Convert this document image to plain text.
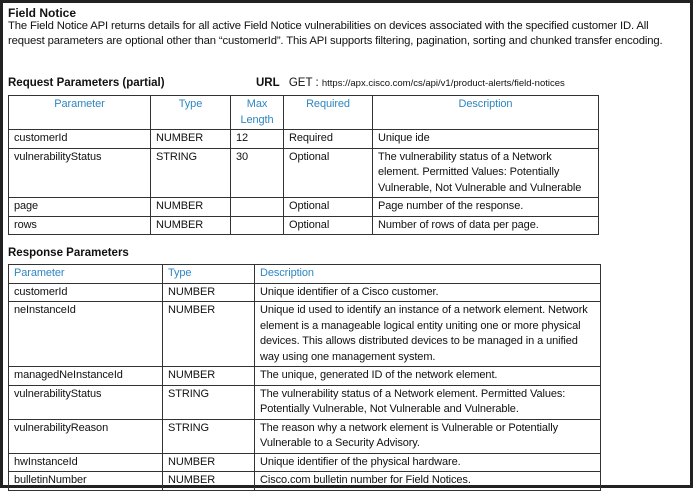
Field Notice
The Field Notice API returns details for all active Field Notice vulnerabilities on devices associated with the specified customer ID. All request parameters are optional other than “customerId”. This API supports filtering, pagination, sorting and chunked transfer encoding.
Request Parameters (partial)	URL GET : https://apx.cisco.com/cs/api/v1/product-alerts/field-notices
Parameter	Type	Max Length	Required	Description
customerId	NUMBER	12	Required	Unique ide
vulnerabilityStatus	STRING	30	Optional	The vulnerability status of a Network element. Permitted Values: Potentially Vulnerable, Not Vulnerable and Vulnerable
page	NUMBER		Optional	Page number of the response.
rows	NUMBER		Optional	Number of rows of data per page.
Response Parameters
Parameter	Type	Description
customerId	NUMBER	Unique identifier of a Cisco customer.
neInstanceId	NUMBER	Unique id used to identify an instance of a network element. Network element is a manageable logical entity uniting one or more physical devices. This allows distributed devices to be managed in a unified way using one management system.
managedNeInstanceId	NUMBER	The unique, generated ID of the network element.
vulnerabilityStatus	STRING	The vulnerability status of a Network element. Permitted Values: Potentially Vulnerable, Not Vulnerable and Vulnerable.
vulnerabilityReason	STRING	The reason why a network element is Vulnerable or Potentially Vulnerable to a Security Advisory.
hwInstanceId	NUMBER	Unique identifier of the physical hardware.
bulletinNumber	NUMBER	Cisco.com bulletin number for Field Notices.
